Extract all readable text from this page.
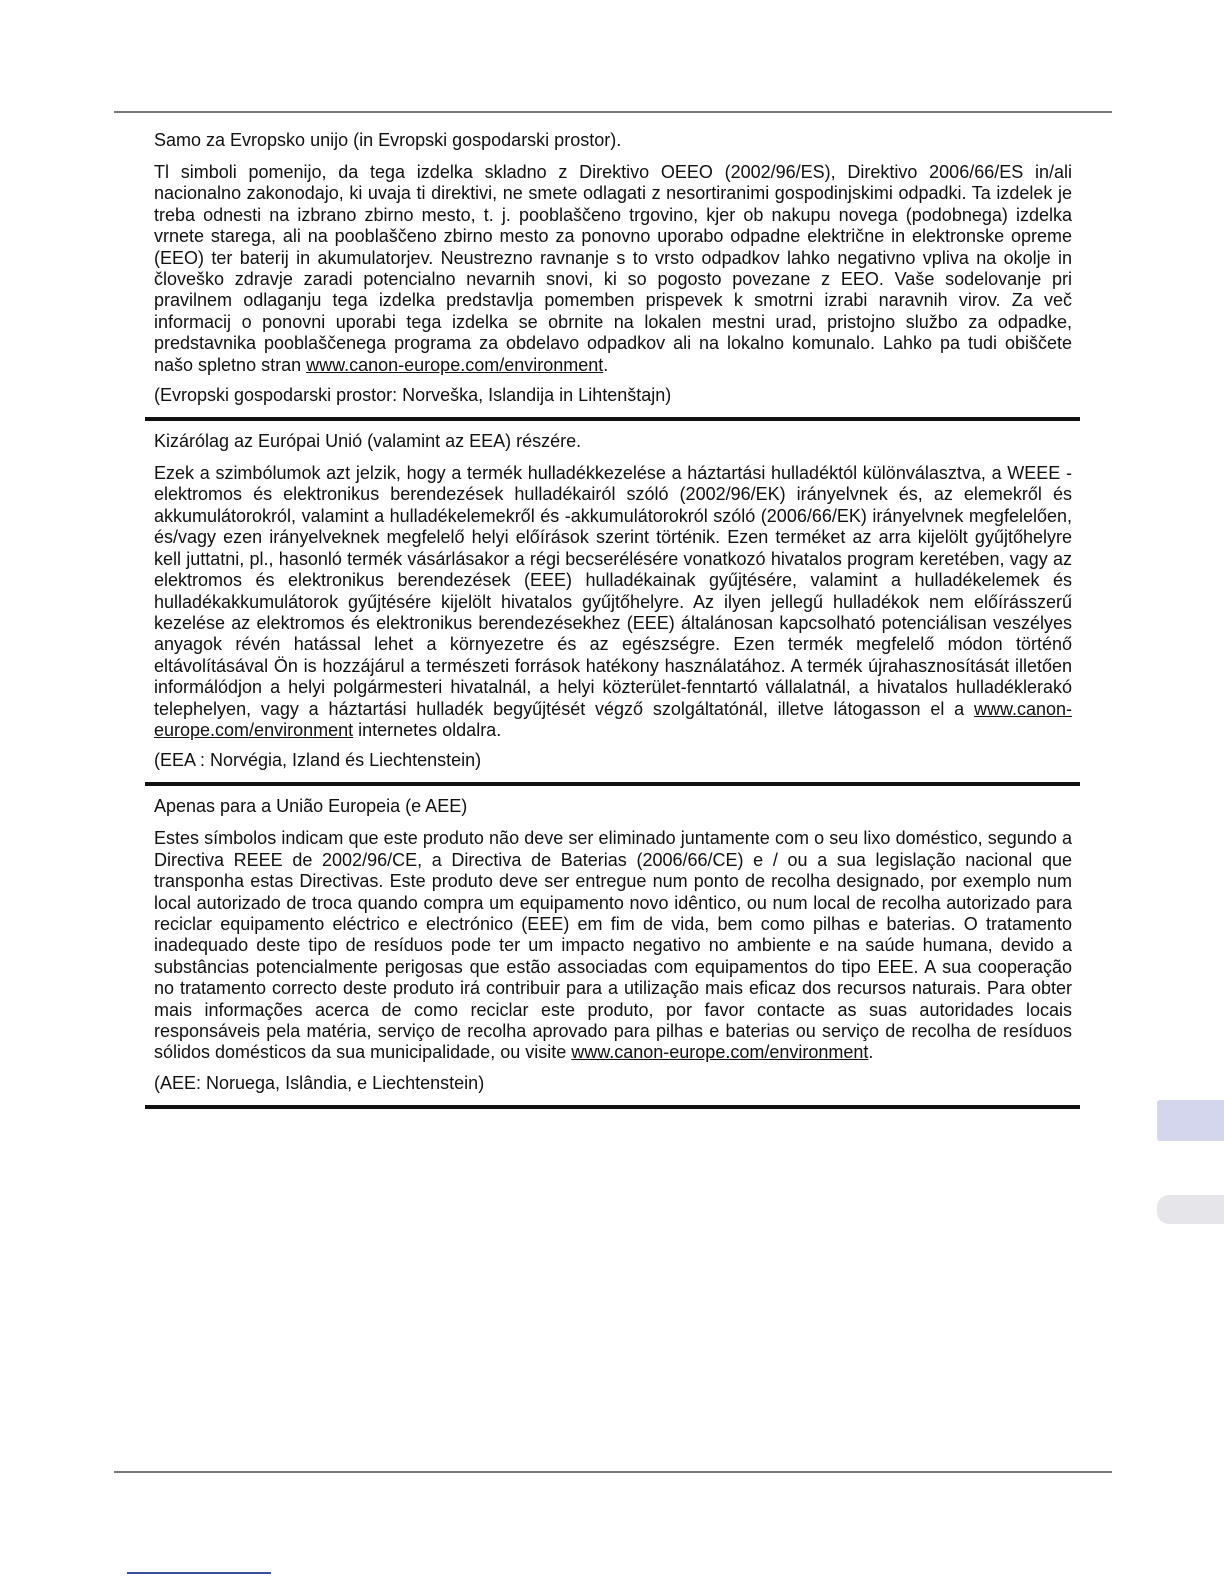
Samo za Evropsko unijo (in Evropski gospodarski prostor).
Tl simboli pomenijo, da tega izdelka skladno z Direktivo OEEO (2002/96/ES), Direktivo 2006/66/ES in/ali nacionalno zakonodajo, ki uvaja ti direktivi, ne smete odlagati z nesortiranimi gospodinjskimi odpadki. Ta izdelek je treba odnesti na izbrano zbirno mesto, t. j. pooblaščeno trgovino, kjer ob nakupu novega (podobnega) izdelka vrnete starega, ali na pooblaščeno zbirno mesto za ponovno uporabo odpadne električne in elektronske opreme (EEO) ter baterij in akumulatorjev. Neustrezno ravnanje s to vrsto odpadkov lahko negativno vpliva na okolje in človeško zdravje zaradi potencialno nevarnih snovi, ki so pogosto povezane z EEO. Vaše sodelovanje pri pravilnem odlaganju tega izdelka predstavlja pomemben prispevek k smotrni izrabi naravnih virov. Za več informacij o ponovni uporabi tega izdelka se obrnite na lokalen mestni urad, pristojno službo za odpadke, predstavnika pooblaščenega programa za obdelavo odpadkov ali na lokalno komunalo. Lahko pa tudi obiščete našo spletno stran www.canon-europe.com/environment.
(Evropski gospodarski prostor: Norveška, Islandija in Lihtenštajn)
Kizárólag az Európai Unió (valamint az EEA) részére.
Ezek a szimbólumok azt jelzik, hogy a termék hulladékkezelése a háztartási hulladéktól különválasztva, a WEEE - elektromos és elektronikus berendezések hulladékairól szóló (2002/96/EK) irányelvnek és, az elemekről és akkumulátorokról, valamint a hulladékelemekről és -akkumulátorokról szóló (2006/66/EK) irányelvnek megfelelően, és/vagy ezen irányelveknek megfelelő helyi előírások szerint történik. Ezen terméket az arra kijelölt gyűjtőhelyre kell juttatni, pl., hasonló termék vásárlásakor a régi becserélésére vonatkozó hivatalos program keretében, vagy az elektromos és elektronikus berendezések (EEE) hulladékainak gyűjtésére, valamint a hulladékelemek és hulladékakkumulátorok gyűjtésére kijelölt hivatalos gyűjtőhelyre. Az ilyen jellegű hulladékok nem előírásszerű kezelése az elektromos és elektronikus berendezésekhez (EEE) általánosan kapcsolható potenciálisan veszélyes anyagok révén hatással lehet a környezetre és az egészségre. Ezen termék megfelelő módon történő eltávolításával Ön is hozzájárul a természeti források hatékony használatához. A termék újrahasznosítását illetően informálódjon a helyi polgármesteri hivatalnál, a helyi közterület-fenntartó vállalatnál, a hivatalos hulladéklerakó telephelyen, vagy a háztartási hulladék begyűjtését végző szolgáltatónál, illetve látogasson el a www.canon-europe.com/environment internetes oldalra.
(EEA : Norvégia, Izland és Liechtenstein)
Apenas para a União Europeia (e AEE)
Estes símbolos indicam que este produto não deve ser eliminado juntamente com o seu lixo doméstico, segundo a Directiva REEE de 2002/96/CE, a Directiva de Baterias (2006/66/CE) e / ou a sua legislação nacional que transponha estas Directivas. Este produto deve ser entregue num ponto de recolha designado, por exemplo num local autorizado de troca quando compra um equipamento novo idêntico, ou num local de recolha autorizado para reciclar equipamento eléctrico e electrónico (EEE) em fim de vida, bem como pilhas e baterias. O tratamento inadequado deste tipo de resíduos pode ter um impacto negativo no ambiente e na saúde humana, devido a substâncias potencialmente perigosas que estão associadas com equipamentos do tipo EEE. A sua cooperação no tratamento correcto deste produto irá contribuir para a utilização mais eficaz dos recursos naturais. Para obter mais informações acerca de como reciclar este produto, por favor contacte as suas autoridades locais responsáveis pela matéria, serviço de recolha aprovado para pilhas e baterias ou serviço de recolha de resíduos sólidos domésticos da sua municipalidade, ou visite www.canon-europe.com/environment.
(AEE: Noruega, Islândia, e Liechtenstein)
